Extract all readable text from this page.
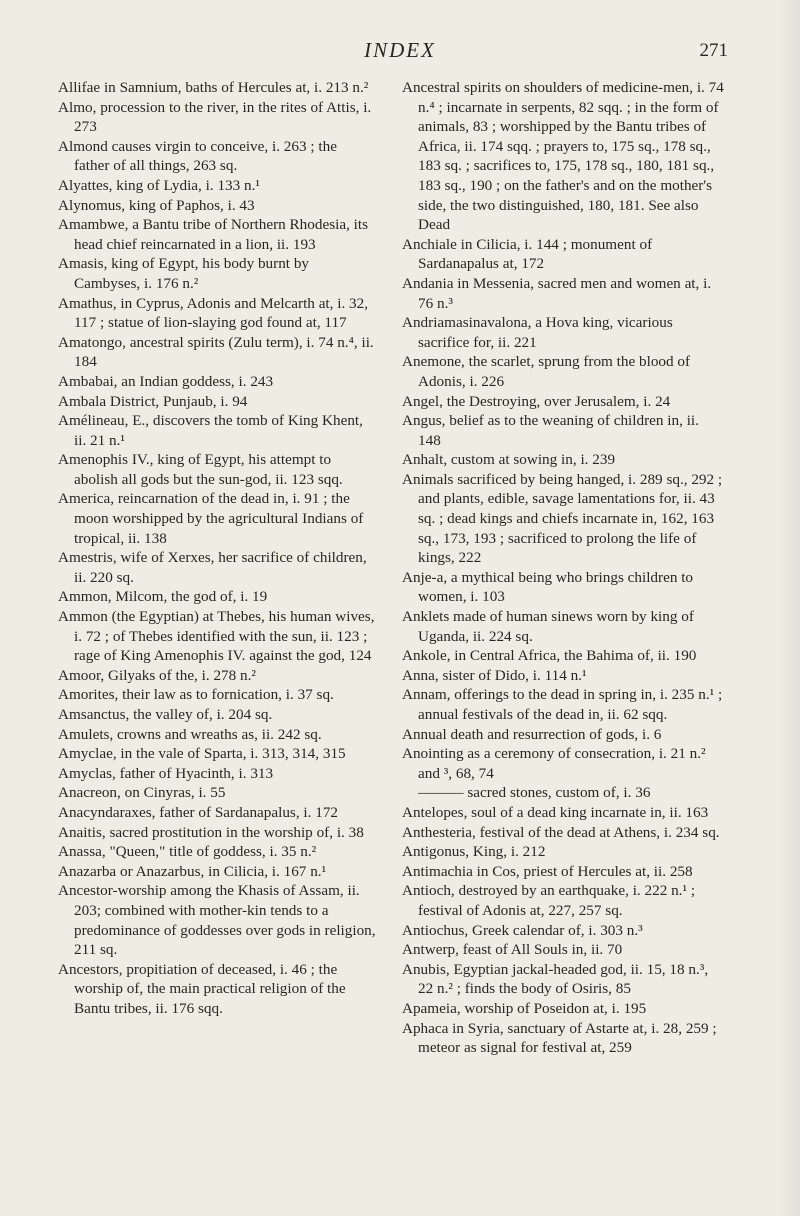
INDEX	271

Allifae in Samnium, baths of Hercules at, i. 213 n.²

Almo, procession to the river, in the rites of Attis, i. 273

Almond causes virgin to conceive, i. 263 ; the father of all things, 263 sq.

Alyattes, king of Lydia, i. 133 n.¹

Alynomus, king of Paphos, i. 43

Amambwe, a Bantu tribe of Northern Rhodesia, its head chief reincarnated in a lion, ii. 193

Amasis, king of Egypt, his body burnt by Cambyses, i. 176 n.²

Amathus, in Cyprus, Adonis and Melcarth at, i. 32, 117 ; statue of lion-slaying god found at, 117

Amatongo, ancestral spirits (Zulu term), i. 74 n.⁴, ii. 184

Ambabai, an Indian goddess, i. 243

Ambala District, Punjaub, i. 94

Amélineau, E., discovers the tomb of King Khent, ii. 21 n.¹

Amenophis IV., king of Egypt, his attempt to abolish all gods but the sun-god, ii. 123 sqq.

America, reincarnation of the dead in, i. 91 ; the moon worshipped by the agricultural Indians of tropical, ii. 138

Amestris, wife of Xerxes, her sacrifice of children, ii. 220 sq.

Ammon, Milcom, the god of, i. 19

Ammon (the Egyptian) at Thebes, his human wives, i. 72 ; of Thebes identified with the sun, ii. 123 ; rage of King Amenophis IV. against the god, 124

Amoor, Gilyaks of the, i. 278 n.²

Amorites, their law as to fornication, i. 37 sq.

Amsanctus, the valley of, i. 204 sq.

Amulets, crowns and wreaths as, ii. 242 sq.

Amyclae, in the vale of Sparta, i. 313, 314, 315

Amyclas, father of Hyacinth, i. 313

Anacreon, on Cinyras, i. 55

Anacyndaraxes, father of Sardanapalus, i. 172

Anaitis, sacred prostitution in the worship of, i. 38

Anassa, "Queen," title of goddess, i. 35 n.²

Anazarba or Anazarbus, in Cilicia, i. 167 n.¹

Ancestor-worship among the Khasis of Assam, ii. 203; combined with mother-kin tends to a predominance of goddesses over gods in religion, 211 sq.

Ancestors, propitiation of deceased, i. 46 ; the worship of, the main practical religion of the Bantu tribes, ii. 176 sqq.

Ancestral spirits on shoulders of medicine-men, i. 74 n.⁴ ; incarnate in serpents, 82 sqq. ; in the form of animals, 83 ; worshipped by the Bantu tribes of Africa, ii. 174 sqq. ; prayers to, 175 sq., 178 sq., 183 sq. ; sacrifices to, 175, 178 sq., 180, 181 sq., 183 sq., 190 ; on the father's and on the mother's side, the two distinguished, 180, 181. See also Dead

Anchiale in Cilicia, i. 144 ; monument of Sardanapalus at, 172

Andania in Messenia, sacred men and women at, i. 76 n.³

Andriamasinavalona, a Hova king, vicarious sacrifice for, ii. 221

Anemone, the scarlet, sprung from the blood of Adonis, i. 226

Angel, the Destroying, over Jerusalem, i. 24

Angus, belief as to the weaning of children in, ii. 148

Anhalt, custom at sowing in, i. 239

Animals sacrificed by being hanged, i. 289 sq., 292 ; and plants, edible, savage lamentations for, ii. 43 sq. ; dead kings and chiefs incarnate in, 162, 163 sq., 173, 193 ; sacrificed to prolong the life of kings, 222

Anje-a, a mythical being who brings children to women, i. 103

Anklets made of human sinews worn by king of Uganda, ii. 224 sq.

Ankole, in Central Africa, the Bahima of, ii. 190

Anna, sister of Dido, i. 114 n.¹

Annam, offerings to the dead in spring in, i. 235 n.¹ ; annual festivals of the dead in, ii. 62 sqq.

Annual death and resurrection of gods, i. 6

Anointing as a ceremony of consecration, i. 21 n.² and ³, 68, 74

——— sacred stones, custom of, i. 36

Antelopes, soul of a dead king incarnate in, ii. 163

Anthesteria, festival of the dead at Athens, i. 234 sq.

Antigonus, King, i. 212

Antimachia in Cos, priest of Hercules at, ii. 258

Antioch, destroyed by an earthquake, i. 222 n.¹ ; festival of Adonis at, 227, 257 sq.

Antiochus, Greek calendar of, i. 303 n.³

Antwerp, feast of All Souls in, ii. 70

Anubis, Egyptian jackal-headed god, ii. 15, 18 n.³, 22 n.² ; finds the body of Osiris, 85

Apameia, worship of Poseidon at, i. 195

Aphaca in Syria, sanctuary of Astarte at, i. 28, 259 ; meteor as signal for festival at, 259
